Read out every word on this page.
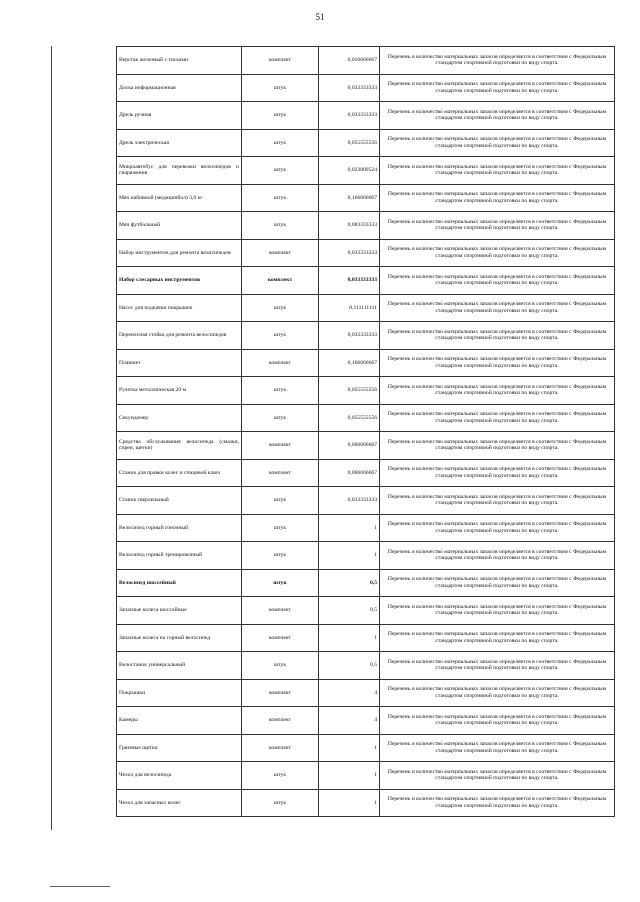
51
Верстак железный с тисками	комплект	0,016666667	Перечень и количество материальных запасов определяется в соответствии с Федеральным стандартом спортивной подготовки по виду спорта.
Доска информационная	штук	0,033333333	Перечень и количество материальных запасов определяется в соответствии с Федеральным стандартом спортивной подготовки по виду спорта.
Дрель ручная	штук	0,033333333	Перечень и количество материальных запасов определяется в соответствии с Федеральным стандартом спортивной подготовки по виду спорта.
Дрель электрическая	штук	0,055555556	Перечень и количество материальных запасов определяется в соответствии с Федеральным стандартом спортивной подготовки по виду спорта.
Микроавтобус для перевозки велосипедов и снаряжения	штук	0,023809524	Перечень и количество материальных запасов определяется в соответствии с Федеральным стандартом спортивной подготовки по виду спорта.
Мяч набивной (медицинбол) 3,0 кг	штук	0,166666667	Перечень и количество материальных запасов определяется в соответствии с Федеральным стандартом спортивной подготовки по виду спорта.
Мяч футбольный	штук	0,083333333	Перечень и количество материальных запасов определяется в соответствии с Федеральным стандартом спортивной подготовки по виду спорта.
Набор инструментов для ремонта велосипедов	комплект	0,033333333	Перечень и количество материальных запасов определяется в соответствии с Федеральным стандартом спортивной подготовки по виду спорта.
Набор слесарных инструментов	комплект	0,033333333	Перечень и количество материальных запасов определяется в соответствии с Федеральным стандартом спортивной подготовки по виду спорта.
Насос для подкачки покрышек	штук	0,111111111	Перечень и количество материальных запасов определяется в соответствии с Федеральным стандартом спортивной подготовки по виду спорта.
Переносная стойка для ремонта велосипедов	штук	0,033333333	Перечень и количество материальных запасов определяется в соответствии с Федеральным стандартом спортивной подготовки по виду спорта.
Планшет	комплект	0,166666667	Перечень и количество материальных запасов определяется в соответствии с Федеральным стандартом спортивной подготовки по виду спорта.
Рулетка металлическая 20 м	штук	0,055555556	Перечень и количество материальных запасов определяется в соответствии с Федеральным стандартом спортивной подготовки по виду спорта.
Секундомер	штук	0,055555556	Перечень и количество материальных запасов определяется в соответствии с Федеральным стандартом спортивной подготовки по виду спорта.
Средства обслуживания велосипеда (смазки, спреи, щетки)	комплект	0,666666667	Перечень и количество материальных запасов определяется в соответствии с Федеральным стандартом спортивной подготовки по виду спорта.
Станок для правки колес и спицевой ключ	комплект	0,066666667	Перечень и количество материальных запасов определяется в соответствии с Федеральным стандартом спортивной подготовки по виду спорта.
Станок сверлильный	штук	0,033333333	Перечень и количество материальных запасов определяется в соответствии с Федеральным стандартом спортивной подготовки по виду спорта.
Велосипед горный гоночный	штук	1	Перечень и количество материальных запасов определяется в соответствии с Федеральным стандартом спортивной подготовки по виду спорта.
Велосипед горный тренировочный	штук	1	Перечень и количество материальных запасов определяется в соответствии с Федеральным стандартом спортивной подготовки по виду спорта.
Велосипед шоссейный	штук	0,5	Перечень и количество материальных запасов определяется в соответствии с Федеральным стандартом спортивной подготовки по виду спорта.
Запасные колеса шоссейные	комплект	0,5	Перечень и количество материальных запасов определяется в соответствии с Федеральным стандартом спортивной подготовки по виду спорта.
Запасные колеса на горный велосипед	комплект	1	Перечень и количество материальных запасов определяется в соответствии с Федеральным стандартом спортивной подготовки по виду спорта.
Велостанок универсальный	штук	0,5	Перечень и количество материальных запасов определяется в соответствии с Федеральным стандартом спортивной подготовки по виду спорта.
Покрышки	комплект	4	Перечень и количество материальных запасов определяется в соответствии с Федеральным стандартом спортивной подготовки по виду спорта.
Камеры	комплект	4	Перечень и количество материальных запасов определяется в соответствии с Федеральным стандартом спортивной подготовки по виду спорта.
Грязевые щитки	комплект	1	Перечень и количество материальных запасов определяется в соответствии с Федеральным стандартом спортивной подготовки по виду спорта.
Чехол для велосипеда	штук	1	Перечень и количество материальных запасов определяется в соответствии с Федеральным стандартом спортивной подготовки по виду спорта.
Чехол для запасных колес	штук	1	Перечень и количество материальных запасов определяется в соответствии с Федеральным стандартом спортивной подготовки по виду спорта.
